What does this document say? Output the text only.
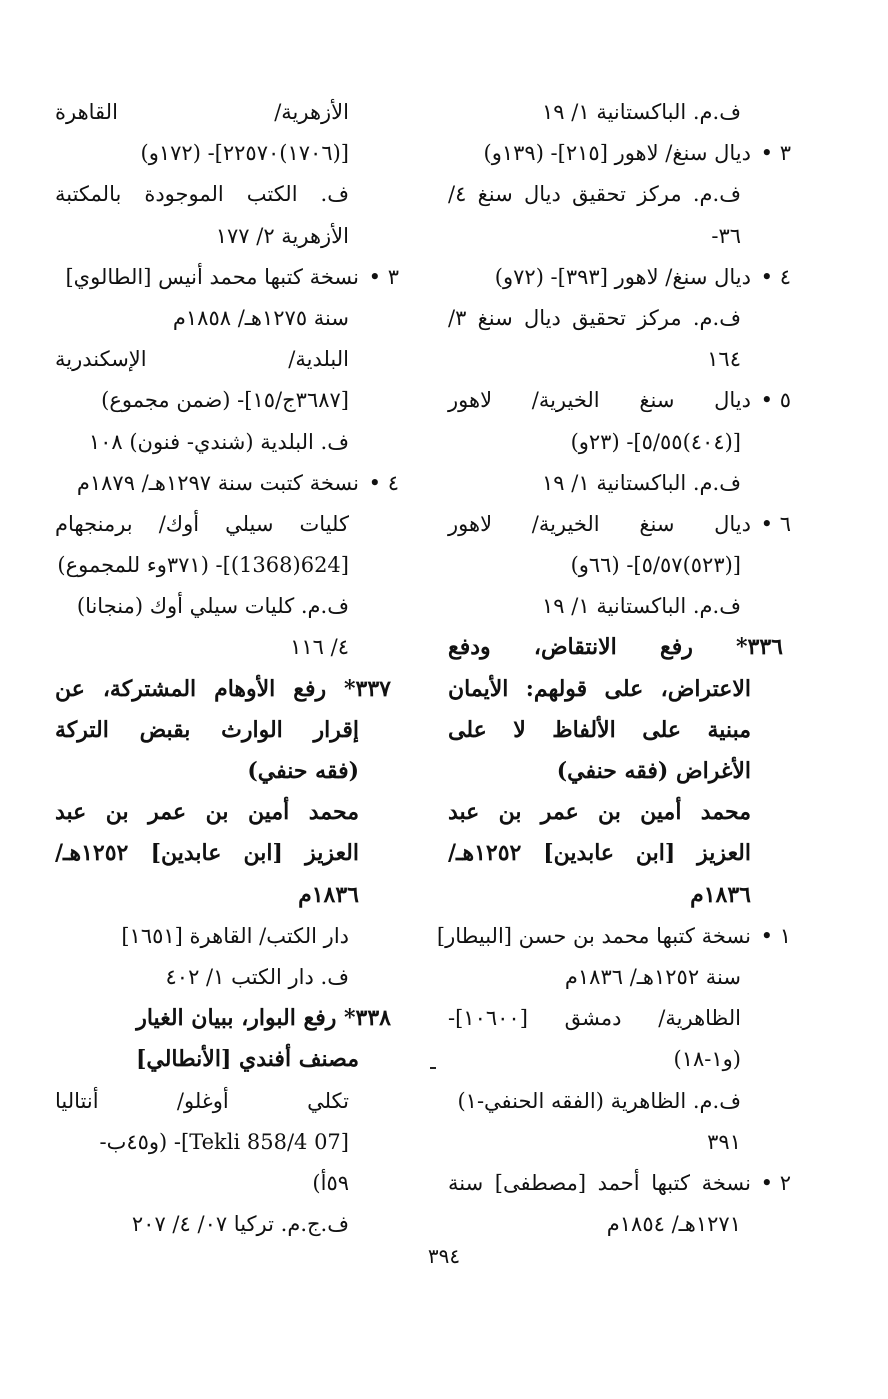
ف.م. الباكستانية ١/ ١٩
٣ •
ديال سنغ/ لاهور [٢١٥]- (١٣٩و)
ف.م. مركز تحقيق ديال سنغ ٤/
٣٦-
٤ •
ديال سنغ/ لاهور [٣٩٣]- (٧٢و)
ف.م. مركز تحقيق ديال سنغ ٣/
١٦٤
٥ •
ديال سنغ الخيرية/ لاهور
[(٤٠٤)٥/٥٥]- (٢٣و)
ف.م. الباكستانية ١/ ١٩
٦ •
ديال سنغ الخيرية/ لاهور
[(٥٢٣)٥/٥٧]- (٦٦و)
ف.م. الباكستانية ١/ ١٩
٣٣٦* رفع الانتقاض، ودفع
الاعتراض، على قولهم: الأيمان
مبنية على الألفاظ لا على
الأغراض (فقه حنفي)
محمد أمين بن عمر بن عبد
العزيز [ابن عابدين] ١٢٥٢هـ/
١٨٣٦م
١ •
نسخة كتبها محمد بن حسن [البيطار]
سنة ١٢٥٢هـ/ ١٨٣٦م
الظاهرية/ دمشق [١٠٦٠٠]-
(و١-١٨)
ف.م. الظاهرية (الفقه الحنفي-١)
٣٩١
٢ •
نسخة كتبها أحمد [مصطفى] سنة
١٢٧١هـ/ ١٨٥٤م
الأزهرية/ القاهرة
[(١٧٠٦)٢٢٥٧٠]- (١٧٢و)
ف. الكتب الموجودة بالمكتبة
الأزهرية ٢/ ١٧٧
٣ •
نسخة كتبها محمد أنيس [الطالوي]
سنة ١٢٧٥هـ/ ١٨٥٨م
البلدية/ الإسكندرية
[٣٦٨٧ج/١٥]- (ضمن مجموع)
ف. البلدية (شندي- فنون) ١٠٨
٤ •
نسخة كتبت سنة ١٢٩٧هـ/ ١٨٧٩م
كليات سيلي أوك/ برمنجهام
[624(1368)]- (٣٧١وء للمجموع)
ف.م. كليات سيلي أوك (منجانا)
٤/ ١١٦
٣٣٧* رفع الأوهام المشتركة، عن
إقرار الوارث بقبض التركة
(فقه حنفي)
محمد أمين بن عمر بن عبد
العزيز [ابن عابدين] ١٢٥٢هـ/
١٨٣٦م
دار الكتب/ القاهرة [١٦٥١]
ف. دار الكتب ١/ ٤٠٢
٣٣٨* رفع البوار، ببيان الغيار
مصنف أفندي [الأنطالي]
تكلي أوغلو/ أنتاليا
[07 Tekli 858/4]- (و٤٥ب-
٥٩أ)
ف.ج.م. تركيا ٠٧/ ٤/ ٢٠٧
٣٩٤
